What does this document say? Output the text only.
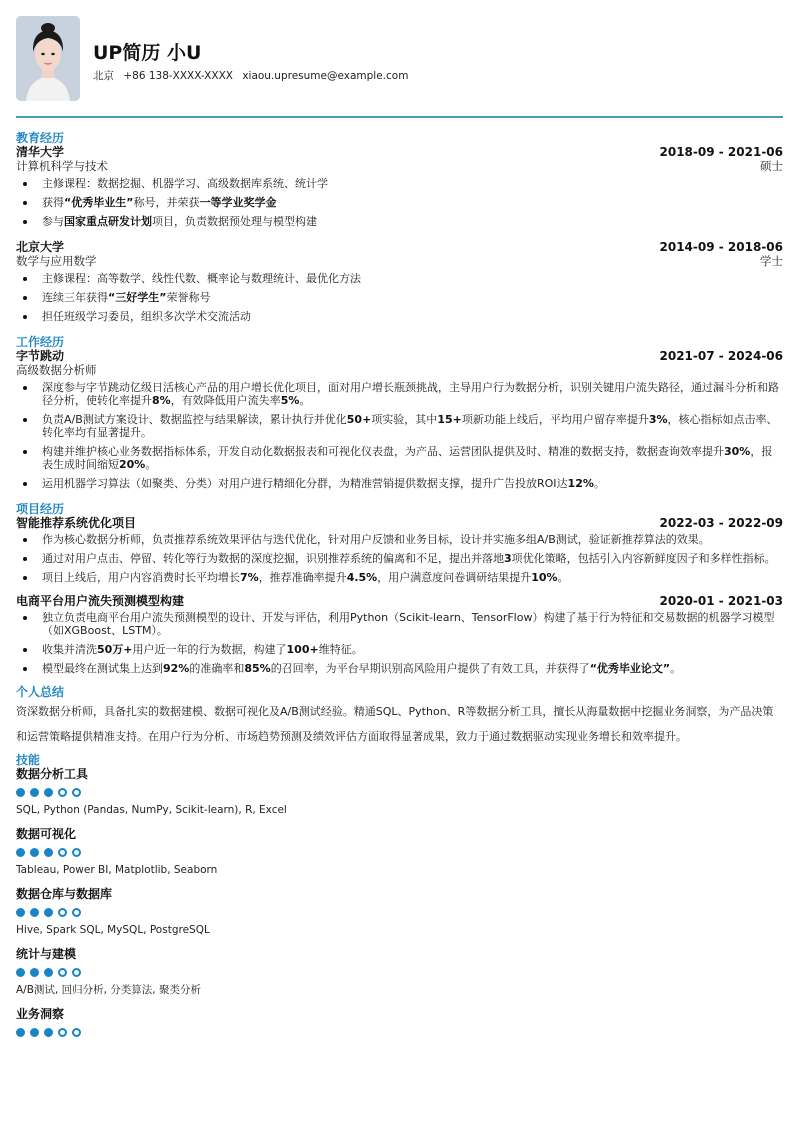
UP简历 小U
北京 +86 138-XXXX-XXXX xiaou.upresume@example.com
教育经历
清华大学	2018-09 - 2021-06
计算机科学与技术	硕士
主修课程：数据挖掘、机器学习、高级数据库系统、统计学
获得“优秀毕业生”称号，并荣获一等学业奖学金
参与国家重点研发计划项目，负责数据预处理与模型构建
北京大学	2014-09 - 2018-06
数学与应用数学	学士
主修课程：高等数学、线性代数、概率论与数理统计、最优化方法
连续三年获得“三好学生”荣誉称号
担任班级学习委员，组织多次学术交流活动
工作经历
字节跳动	2021-07 - 2024-06
高级数据分析师
深度参与字节跳动亿级日活核心产品的用户增长优化项目，面对用户增长瓶颈挑战，主导用户行为数据分析，识别关键用户流失路径，通过漏斗分析和路径分析，使转化率提升8%，有效降低用户流失率5%。
负责A/B测试方案设计、数据监控与结果解读，累计执行并优化50+项实验，其中15+项新功能上线后，平均用户留存率提升3%，核心指标如点击率、转化率均有显著提升。
构建并维护核心业务数据指标体系，开发自动化数据报表和可视化仪表盘，为产品、运营团队提供及时、精准的数据支持，数据查询效率提升30%，报表生成时间缩短20%。
运用机器学习算法（如聚类、分类）对用户进行精细化分群，为精准营销提供数据支撑，提升广告投放ROI达12%。
项目经历
智能推荐系统优化项目	2022-03 - 2022-09
作为核心数据分析师，负责推荐系统效果评估与迭代优化，针对用户反馈和业务目标，设计并实施多组A/B测试，验证新推荐算法的效果。
通过对用户点击、停留、转化等行为数据的深度挖掘，识别推荐系统的偏离和不足，提出并落地3项优化策略，包括引入内容新鲜度因子和多样性指标。
项目上线后，用户内容消费时长平均增长7%，推荐准确率提升4.5%，用户满意度问卷调研结果提升10%。
电商平台用户流失预测模型构建	2020-01 - 2021-03
独立负责电商平台用户流失预测模型的设计、开发与评估，利用Python（Scikit-learn、TensorFlow）构建了基于行为特征和交易数据的机器学习模型（如XGBoost、LSTM）。
收集并清洗50万+用户近一年的行为数据，构建了100+维特征。
模型最终在测试集上达到92%的准确率和85%的召回率，为平台早期识别高风险用户提供了有效工具，并获得了“优秀毕业论文”。
个人总结
资深数据分析师，具备扎实的数据建模、数据可视化及A/B测试经验。精通SQL、Python、R等数据分析工具，擅长从海量数据中挖掘业务洞察，为产品决策和运营策略提供精准支持。在用户行为分析、市场趋势预测及绩效评估方面取得显著成果，致力于通过数据驱动实现业务增长和效率提升。
技能
数据分析工具
SQL, Python (Pandas, NumPy, Scikit-learn), R, Excel
数据可视化
Tableau, Power BI, Matplotlib, Seaborn
数据仓库与数据库
Hive, Spark SQL, MySQL, PostgreSQL
统计与建模
A/B测试, 回归分析, 分类算法, 聚类分析
业务洞察
